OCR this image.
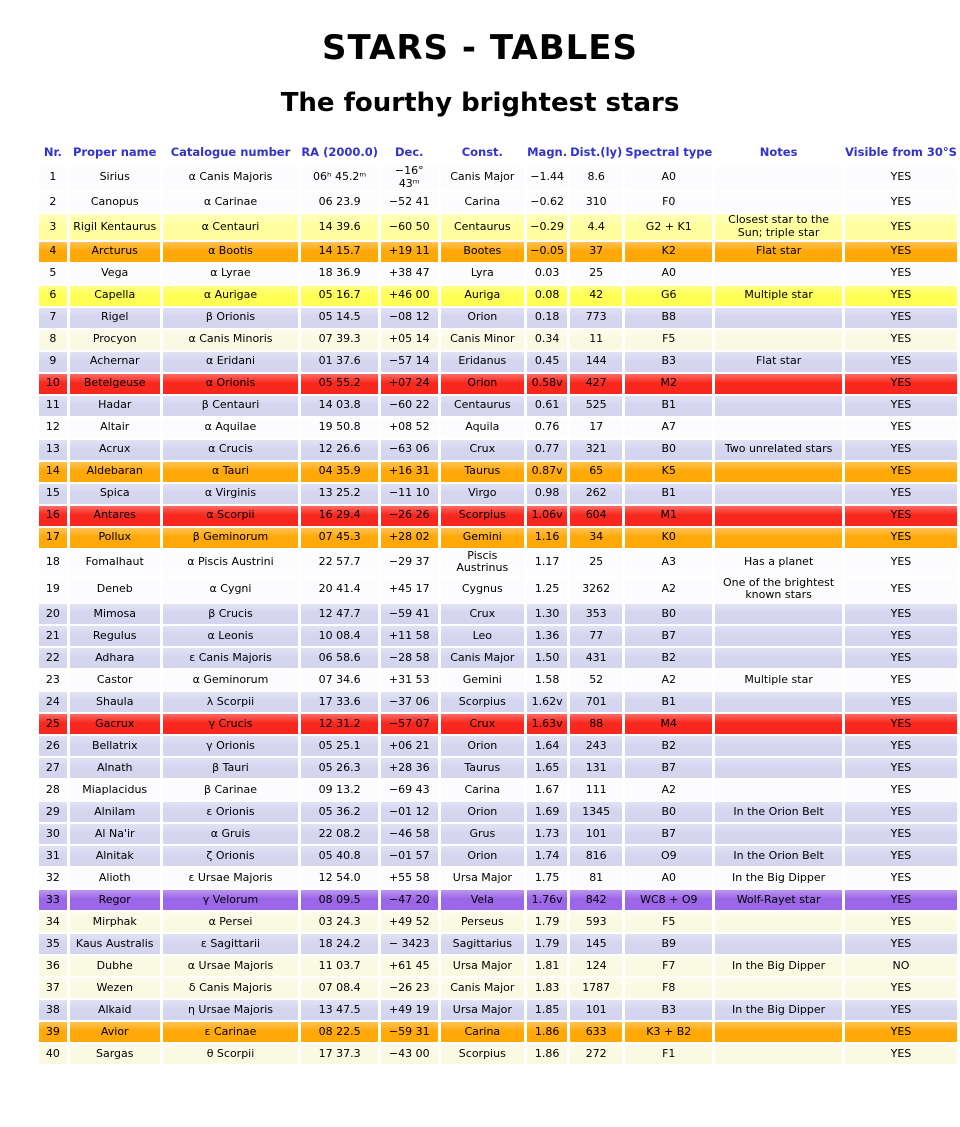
STARS - TABLES
The fourthy brightest stars
Nr.	Proper name	Catalogue number	RA (2000.0)	Dec.	Const.	Magn.	Dist.(ly)	Spectral type	Notes	Visible from 30°S
1	Sirius	α Canis Majoris	06ʰ 45.2ᵐ	−16° 43ᵐ	Canis Major	−1.44	8.6	A0		YES
2	Canopus	α Carinae	06 23.9	−52 41	Carina	−0.62	310	F0		YES
3	Rigil Kentaurus	α Centauri	14 39.6	−60 50	Centaurus	−0.29	4.4	G2 + K1	Closest star to the Sun; triple star	YES
4	Arcturus	α Bootis	14 15.7	+19 11	Bootes	−0.05	37	K2	Flat star	YES
5	Vega	α Lyrae	18 36.9	+38 47	Lyra	0.03	25	A0		YES
6	Capella	α Aurigae	05 16.7	+46 00	Auriga	0.08	42	G6	Multiple star	YES
7	Rigel	β Orionis	05 14.5	−08 12	Orion	0.18	773	B8		YES
8	Procyon	α Canis Minoris	07 39.3	+05 14	Canis Minor	0.34	11	F5		YES
9	Achernar	α Eridani	01 37.6	−57 14	Eridanus	0.45	144	B3	Flat star	YES
10	Betelgeuse	α Orionis	05 55.2	+07 24	Orion	0.58v	427	M2		YES
11	Hadar	β Centauri	14 03.8	−60 22	Centaurus	0.61	525	B1		YES
12	Altair	α Aquilae	19 50.8	+08 52	Aquila	0.76	17	A7		YES
13	Acrux	α Crucis	12 26.6	−63 06	Crux	0.77	321	B0	Two unrelated stars	YES
14	Aldebaran	α Tauri	04 35.9	+16 31	Taurus	0.87v	65	K5		YES
15	Spica	α Virginis	13 25.2	−11 10	Virgo	0.98	262	B1		YES
16	Antares	α Scorpii	16 29.4	−26 26	Scorpius	1.06v	604	M1		YES
17	Pollux	β Geminorum	07 45.3	+28 02	Gemini	1.16	34	K0		YES
18	Fomalhaut	α Piscis Austrini	22 57.7	−29 37	Piscis Austrinus	1.17	25	A3	Has a planet	YES
19	Deneb	α Cygni	20 41.4	+45 17	Cygnus	1.25	3262	A2	One of the brightest known stars	YES
20	Mimosa	β Crucis	12 47.7	−59 41	Crux	1.30	353	B0		YES
21	Regulus	α Leonis	10 08.4	+11 58	Leo	1.36	77	B7		YES
22	Adhara	ε Canis Majoris	06 58.6	−28 58	Canis Major	1.50	431	B2		YES
23	Castor	α Geminorum	07 34.6	+31 53	Gemini	1.58	52	A2	Multiple star	YES
24	Shaula	λ Scorpii	17 33.6	−37 06	Scorpius	1.62v	701	B1		YES
25	Gacrux	γ Crucis	12 31.2	−57 07	Crux	1.63v	88	M4		YES
26	Bellatrix	γ Orionis	05 25.1	+06 21	Orion	1.64	243	B2		YES
27	Alnath	β Tauri	05 26.3	+28 36	Taurus	1.65	131	B7		YES
28	Miaplacidus	β Carinae	09 13.2	−69 43	Carina	1.67	111	A2		YES
29	Alnilam	ε Orionis	05 36.2	−01 12	Orion	1.69	1345	B0	In the Orion Belt	YES
30	Al Na'ir	α Gruis	22 08.2	−46 58	Grus	1.73	101	B7		YES
31	Alnitak	ζ Orionis	05 40.8	−01 57	Orion	1.74	816	O9	In the Orion Belt	YES
32	Alioth	ε Ursae Majoris	12 54.0	+55 58	Ursa Major	1.75	81	A0	In the Big Dipper	YES
33	Regor	γ Velorum	08 09.5	−47 20	Vela	1.76v	842	WC8 + O9	Wolf-Rayet star	YES
34	Mirphak	α Persei	03 24.3	+49 52	Perseus	1.79	593	F5		YES
35	Kaus Australis	ε Sagittarii	18 24.2	− 3423	Sagittarius	1.79	145	B9		YES
36	Dubhe	α Ursae Majoris	11 03.7	+61 45	Ursa Major	1.81	124	F7	In the Big Dipper	NO
37	Wezen	δ Canis Majoris	07 08.4	−26 23	Canis Major	1.83	1787	F8		YES
38	Alkaid	η Ursae Majoris	13 47.5	+49 19	Ursa Major	1.85	101	B3	In the Big Dipper	YES
39	Avior	ε Carinae	08 22.5	−59 31	Carina	1.86	633	K3 + B2		YES
40	Sargas	θ Scorpii	17 37.3	−43 00	Scorpius	1.86	272	F1		YES
